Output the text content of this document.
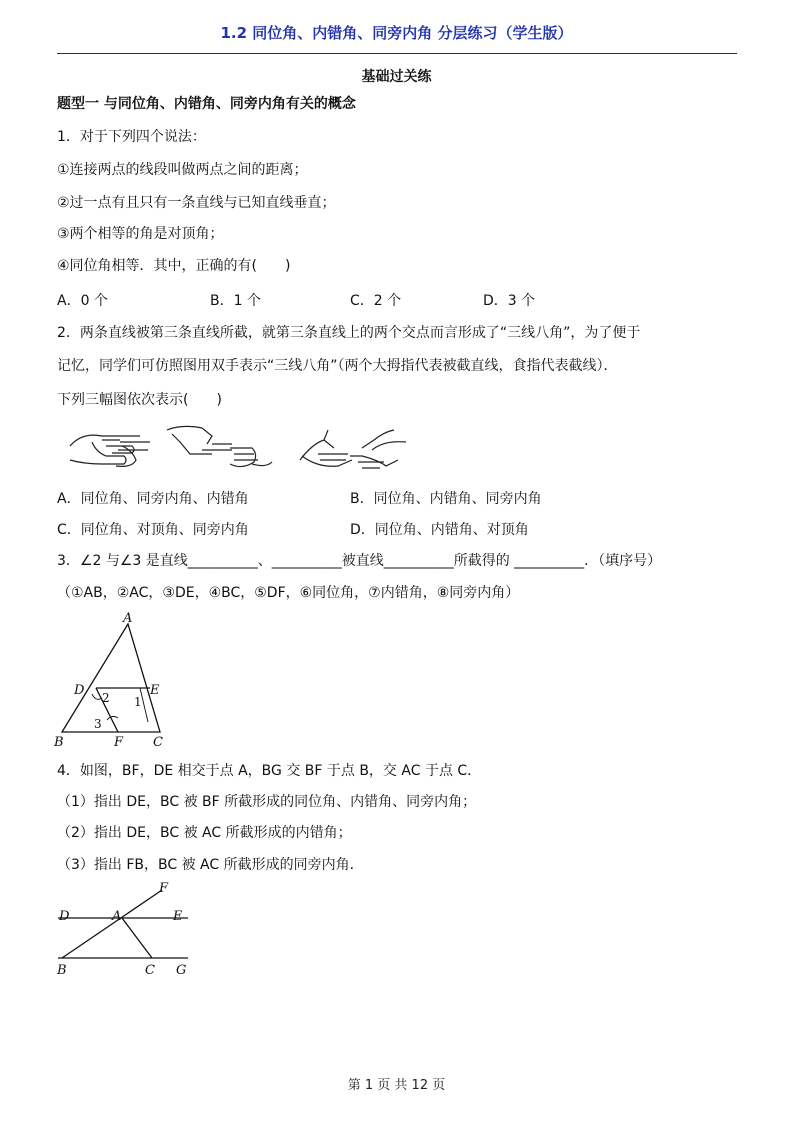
1.2 同位角、内错角、同旁内角 分层练习（学生版）
基础过关练
题型一 与同位角、内错角、同旁内角有关的概念
1．对于下列四个说法：
①连接两点的线段叫做两点之间的距离；
②过一点有且只有一条直线与已知直线垂直；
③两个相等的角是对顶角；
④同位角相等．其中，正确的有(　　)
A．0 个	B．1 个	C．2 个	D．3 个
2．两条直线被第三条直线所截，就第三条直线上的两个交点而言形成了“三线八角”，为了便于
记忆，同学们可仿照图用双手表示“三线八角”（两个大拇指代表被截直线，食指代表截线）．
下列三幅图依次表示(　　)
A．同位角、同旁内角、内错角	B．同位角、内错角、同旁内角
C．同位角、对顶角、同旁内角	D．同位角、内错角、对顶角
3．∠2 与∠3 是直线__________、__________被直线__________所截得的 __________．（填序号）
（①AB，②AC，③DE，④BC，⑤DF，⑥同位角，⑦内错角，⑧同旁内角）
A
D	E
B	F C
1
2
3
4．如图，BF，DE 相交于点 A，BG 交 BF 于点 B，交 AC 于点 C．
（1）指出 DE，BC 被 BF 所截形成的同位角、内错角、同旁内角；
（2）指出 DE，BC 被 AC 所截形成的内错角；
（3）指出 FB，BC 被 AC 所截形成的同旁内角．
F
D	A	E
B	C G
第 1 页 共 12 页
